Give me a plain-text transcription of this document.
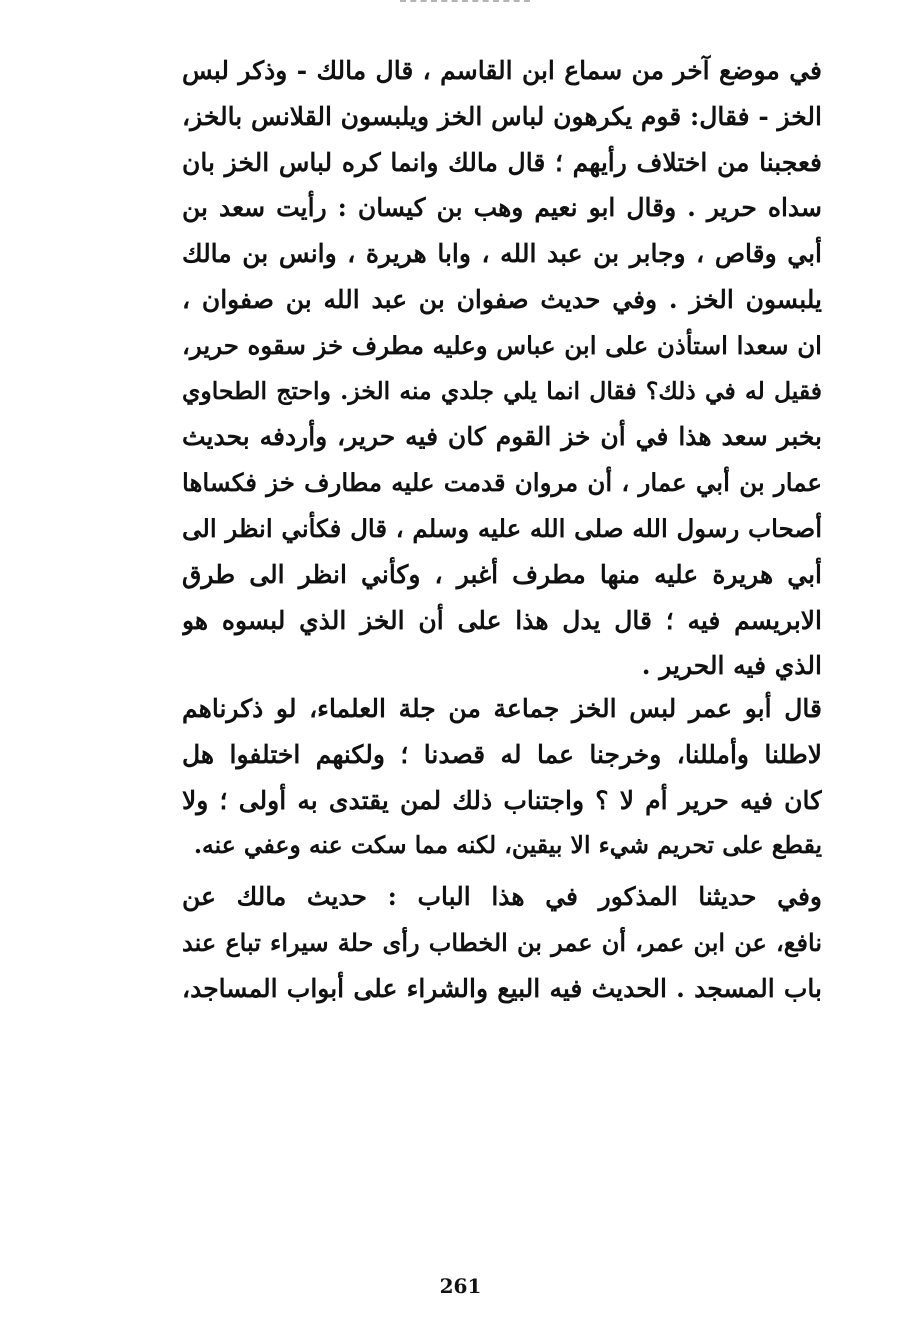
في موضع آخر من سماع ابن القاسم ، قال مالك - وذكر لبس
الخز - فقال: قوم يكرهون لباس الخز ويلبسون القلانس بالخز،
فعجبنا من اختلاف رأيهم ؛ قال مالك وانما كره لباس الخز بان
سداه حرير . وقال ابو نعيم وهب بن كيسان : رأيت سعد بن
أبي وقاص ، وجابر بن عبد الله ، وابا هريرة ، وانس بن مالك
يلبسون الخز . وفي حديث صفوان بن عبد الله بن صفوان ،
ان سعدا استأذن على ابن عباس وعليه مطرف خز سقوه حرير،
فقيل له في ذلك؟ فقال انما يلي جلدي منه الخز. واحتج الطحاوي
بخبر سعد هذا في أن خز القوم كان فيه حرير، وأردفه بحديث
عمار بن أبي عمار ، أن مروان قدمت عليه مطارف خز فكساها
أصحاب رسول الله صلى الله عليه وسلم ، قال فكأني انظر الى
أبي هريرة عليه منها مطرف أغبر ، وكأني انظر الى طرق
الابريسم فيه ؛ قال يدل هذا على أن الخز الذي لبسوه هو
الذي فيه الحرير .
قال أبو عمر لبس الخز جماعة من جلة العلماء، لو ذكرناهم
لاطلنا وأمللنا، وخرجنا عما له قصدنا ؛ ولكنهم اختلفوا هل
كان فيه حرير أم لا ؟ واجتناب ذلك لمن يقتدى به أولى ؛ ولا
يقطع على تحريم شيء الا بيقين، لكنه مما سكت عنه وعفي عنه.
وفي حديثنا المذكور في هذا الباب : حديث مالك عن
نافع، عن ابن عمر، أن عمر بن الخطاب رأى حلة سيراء تباع عند
باب المسجد . الحديث فيه البيع والشراء على أبواب المساجد،
261
